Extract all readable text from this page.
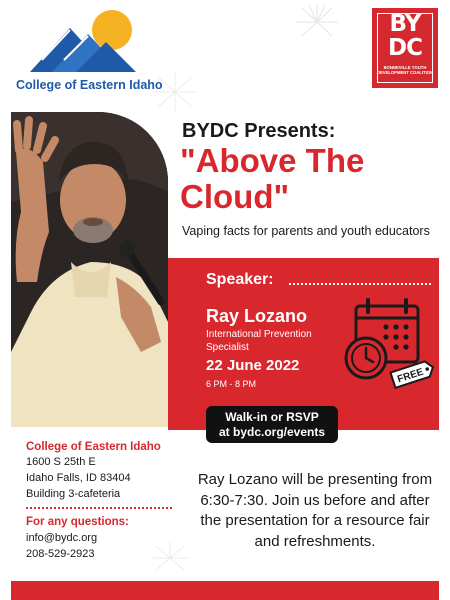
College of Eastern Idaho
BY
DC
BONNEVILLE YOUTH DEVELOPMENT COALITION
BYDC Presents:
"Above The Cloud"
Vaping facts for parents and youth educators
Speaker:
Ray Lozano
International Prevention Specialist
22 June 2022
6 PM - 8 PM	FREE
Walk-in or RSVP
at bydc.org/events
College of Eastern Idaho
1600 S 25th E
Idaho Falls, ID 83404
Building 3-cafeteria
For any questions:
info@bydc.org
208-529-2923
Ray Lozano will be presenting from 6:30-7:30. Join us before and after the presentation for a resource fair and refreshments.
